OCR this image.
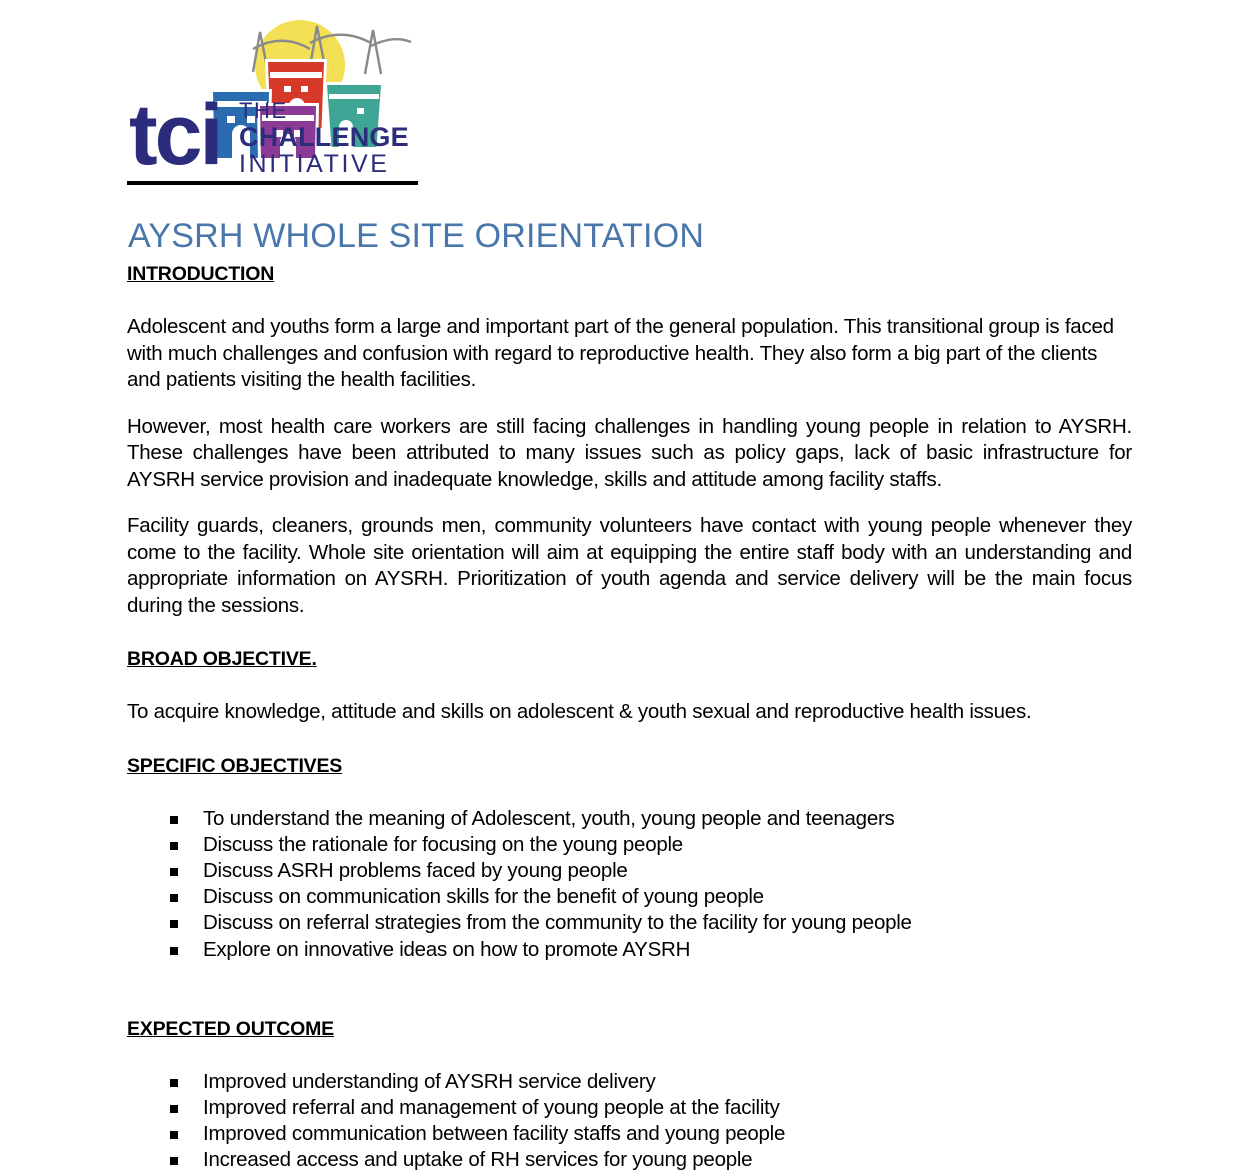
tci THE
CHALLENGE
INITIATIVE
AYSRH WHOLE SITE ORIENTATION
INTRODUCTION

Adolescent and youths form a large and important part of the general population. This transitional group is faced with much challenges and confusion with regard to reproductive health. They also form a big part of the clients and patients visiting the health facilities.

However, most health care workers are still facing challenges in handling young people in relation to AYSRH. These challenges have been attributed to many issues such as policy gaps, lack of basic infrastructure for AYSRH service provision and inadequate knowledge, skills and attitude among facility staffs.

Facility guards, cleaners, grounds men, community volunteers have contact with young people whenever they come to the facility. Whole site orientation will aim at equipping the entire staff body with an understanding and appropriate information on AYSRH. Prioritization of youth agenda and service delivery will be the main focus during the sessions.

BROAD OBJECTIVE.

To acquire knowledge, attitude and skills on adolescent & youth sexual and reproductive health issues.

SPECIFIC OBJECTIVES
To understand the meaning of Adolescent, youth, young people and teenagers
Discuss the rationale for focusing on the young people
Discuss ASRH problems faced by young people
Discuss on communication skills for the benefit of young people
Discuss on referral strategies from the community to the facility for young people
Explore on innovative ideas on how to promote AYSRH
EXPECTED OUTCOME
Improved understanding of AYSRH service delivery
Improved referral and management of young people at the facility
Improved communication between facility staffs and young people
Increased access and uptake of RH services for young people
